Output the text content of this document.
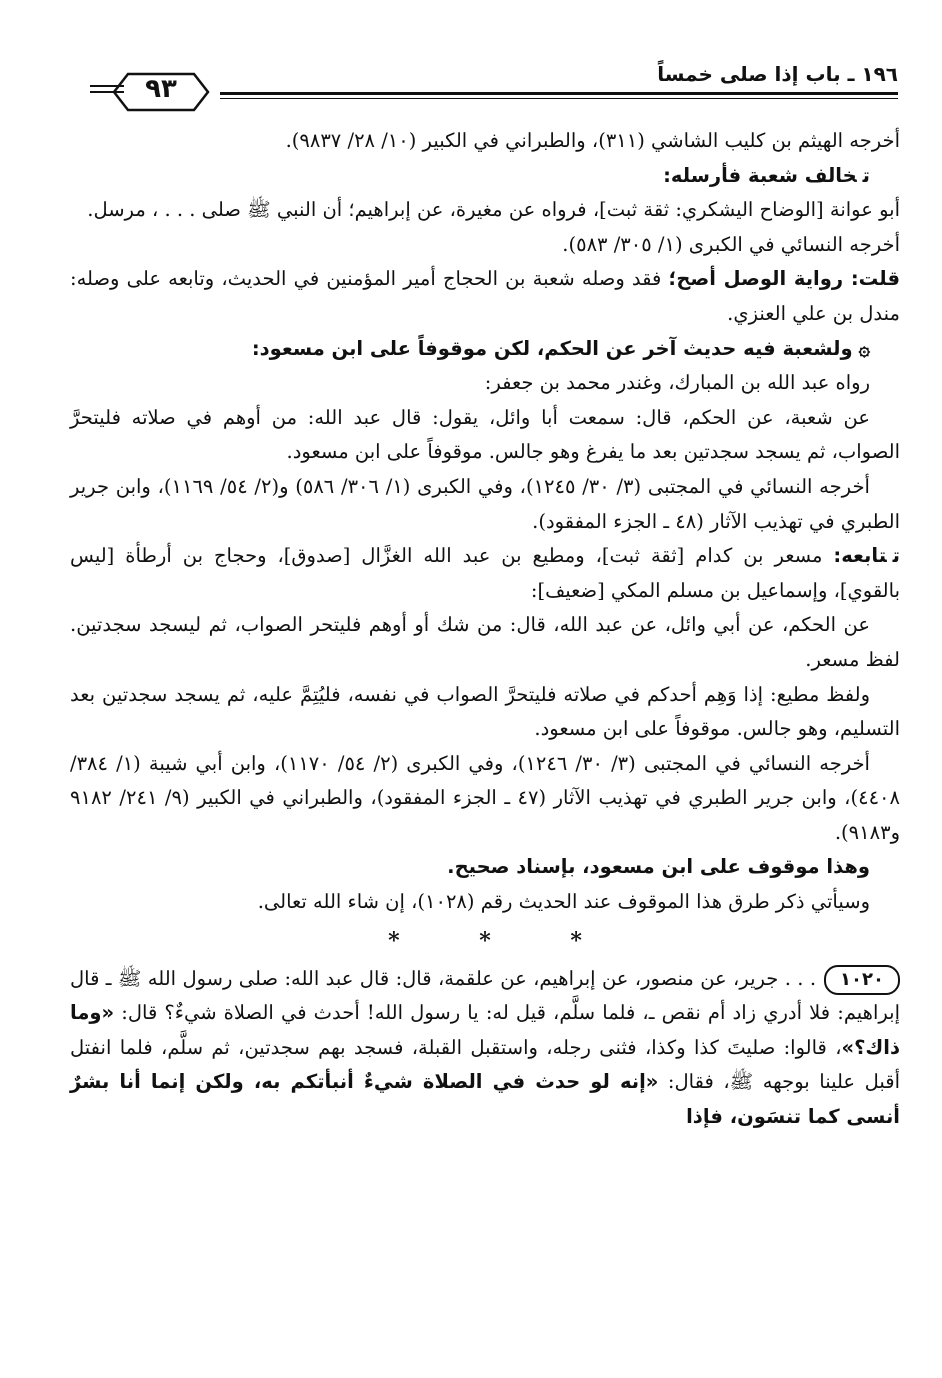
١٩٦ ـ باب إذا صلى خمساً
٩٣

أخرجه الهيثم بن كليب الشاشي (٣١١)، والطبراني في الكبير (١٠/ ٢٨/ ٩٨٣٧).

تخالف شعبة فأرسله:

أبو عوانة [الوضاح اليشكري: ثقة ثبت]، فرواه عن مغيرة، عن إبراهيم؛ أن النبي ﷺ صلى . . . ، مرسل.

أخرجه النسائي في الكبرى (١/ ٣٠٥/ ٥٨٣).

قلت: رواية الوصل أصح؛ فقد وصله شعبة بن الحجاج أمير المؤمنين في الحديث، وتابعه على وصله: مندل بن علي العنزي.

۞ولشعبة فيه حديث آخر عن الحكم، لكن موقوفاً على ابن مسعود:

رواه عبد الله بن المبارك، وغندر محمد بن جعفر:

عن شعبة، عن الحكم، قال: سمعت أبا وائل، يقول: قال عبد الله: من أوهم في صلاته فليتحرَّ الصواب، ثم يسجد سجدتين بعد ما يفرغ وهو جالس. موقوفاً على ابن مسعود.

أخرجه النسائي في المجتبى (٣/ ٣٠/ ١٢٤٥)، وفي الكبرى (١/ ٣٠٦/ ٥٨٦) و(٢/ ٥٤/ ١١٦٩)، وابن جرير الطبري في تهذيب الآثار (٤٨ ـ الجزء المفقود).

تتابعه: مسعر بن كدام [ثقة ثبت]، ومطيع بن عبد الله الغزَّال [صدوق]، وحجاج بن أرطأة [ليس بالقوي]، وإسماعيل بن مسلم المكي [ضعيف]:

عن الحكم، عن أبي وائل، عن عبد الله، قال: من شك أو أوهم فليتحر الصواب، ثم ليسجد سجدتين. لفظ مسعر.

ولفظ مطيع: إذا وَهِم أحدكم في صلاته فليتحرَّ الصواب في نفسه، فليُتِمَّ عليه، ثم يسجد سجدتين بعد التسليم، وهو جالس. موقوفاً على ابن مسعود.

أخرجه النسائي في المجتبى (٣/ ٣٠/ ١٢٤٦)، وفي الكبرى (٢/ ٥٤/ ١١٧٠)، وابن أبي شيبة (١/ ٣٨٤/ ٤٤٠٨)، وابن جرير الطبري في تهذيب الآثار (٤٧ ـ الجزء المفقود)، والطبراني في الكبير (٩/ ٢٤١/ ٩١٨٢ و٩١٨٣).

وهذا موقوف على ابن مسعود، بإسناد صحيح.

وسيأتي ذكر طرق هذا الموقوف عند الحديث رقم (١٠٢٨)، إن شاء الله تعالى.

* * *

١٠٢٠. . . جرير، عن منصور، عن إبراهيم، عن علقمة، قال: قال عبد الله: صلى رسول الله ﷺ ـ قال إبراهيم: فلا أدري زاد أم نقص ـ، فلما سلَّم، قيل له: يا رسول الله! أحدث في الصلاة شيءٌ؟ قال: «وما ذاك؟»، قالوا: صليتَ كذا وكذا، فثنى رجله، واستقبل القبلة، فسجد بهم سجدتين، ثم سلَّم، فلما انفتل أقبل علينا بوجهه ﷺ، فقال: «إنه لو حدث في الصلاة شيءٌ أنبأتكم به، ولكن إنما أنا بشرٌ أنسى كما تنسَون، فإذا
